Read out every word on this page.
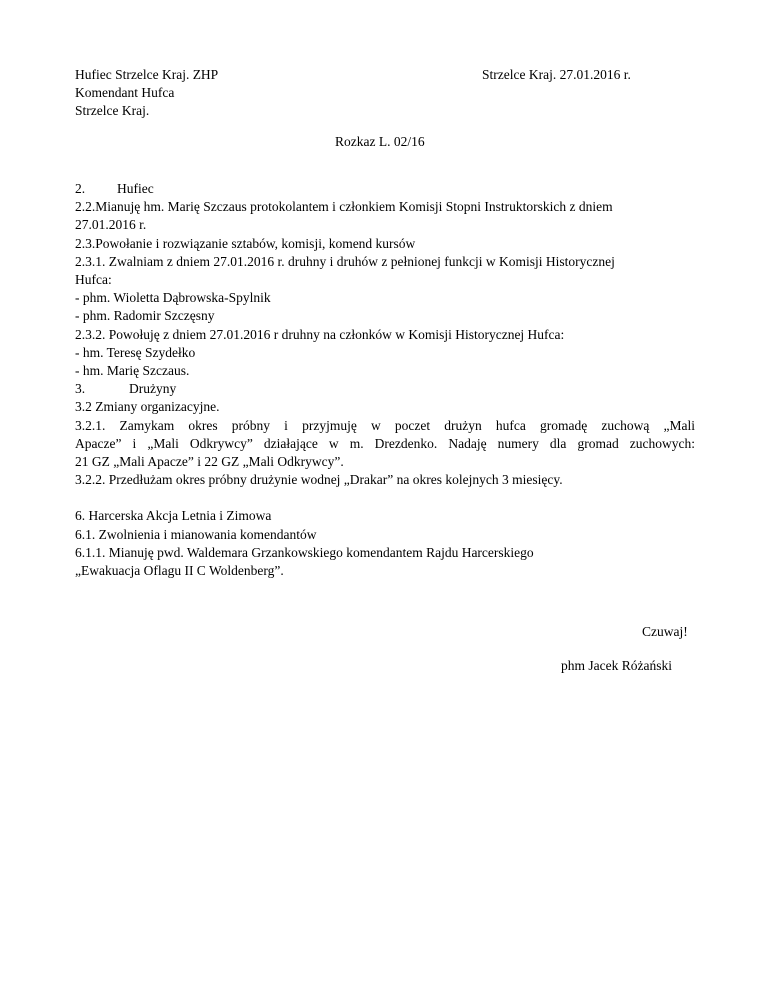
Hufiec Strzelce Kraj. ZHP
Komendant Hufca
Strzelce Kraj.
Strzelce Kraj. 27.01.2016 r.
Rozkaz L. 02/16
2. Hufiec
2.2.Mianuję hm. Marię Szczaus protokolantem i członkiem Komisji Stopni Instruktorskich z dniem
27.01.2016 r.
2.3.Powołanie i rozwiązanie sztabów, komisji, komend kursów
2.3.1. Zwalniam z dniem 27.01.2016 r. druhny i druhów z pełnionej funkcji w Komisji Historycznej
Hufca:
- phm. Wioletta Dąbrowska-Spylnik
- phm. Radomir Szczęsny
2.3.2. Powołuję z dniem 27.01.2016 r druhny na członków w Komisji Historycznej Hufca:
- hm. Teresę Szydełko
- hm. Marię Szczaus.
3.	Drużyny
3.2 Zmiany organizacyjne.
3.2.1. Zamykam okres próbny i przyjmuję w poczet drużyn hufca gromadę zuchową „Mali
Apacze” i „Mali Odkrywcy” działające w m. Drezdenko. Nadaję numery dla gromad zuchowych:
21 GZ „Mali Apacze” i 22 GZ „Mali Odkrywcy”.
3.2.2. Przedłużam okres próbny drużynie wodnej „Drakar” na okres kolejnych 3 miesięcy.
6. Harcerska Akcja Letnia i Zimowa
6.1. Zwolnienia i mianowania komendantów
6.1.1. Mianuję pwd. Waldemara Grzankowskiego komendantem Rajdu Harcerskiego
„Ewakuacja Oflagu II C Woldenberg”.
Czuwaj!
phm Jacek Różański
